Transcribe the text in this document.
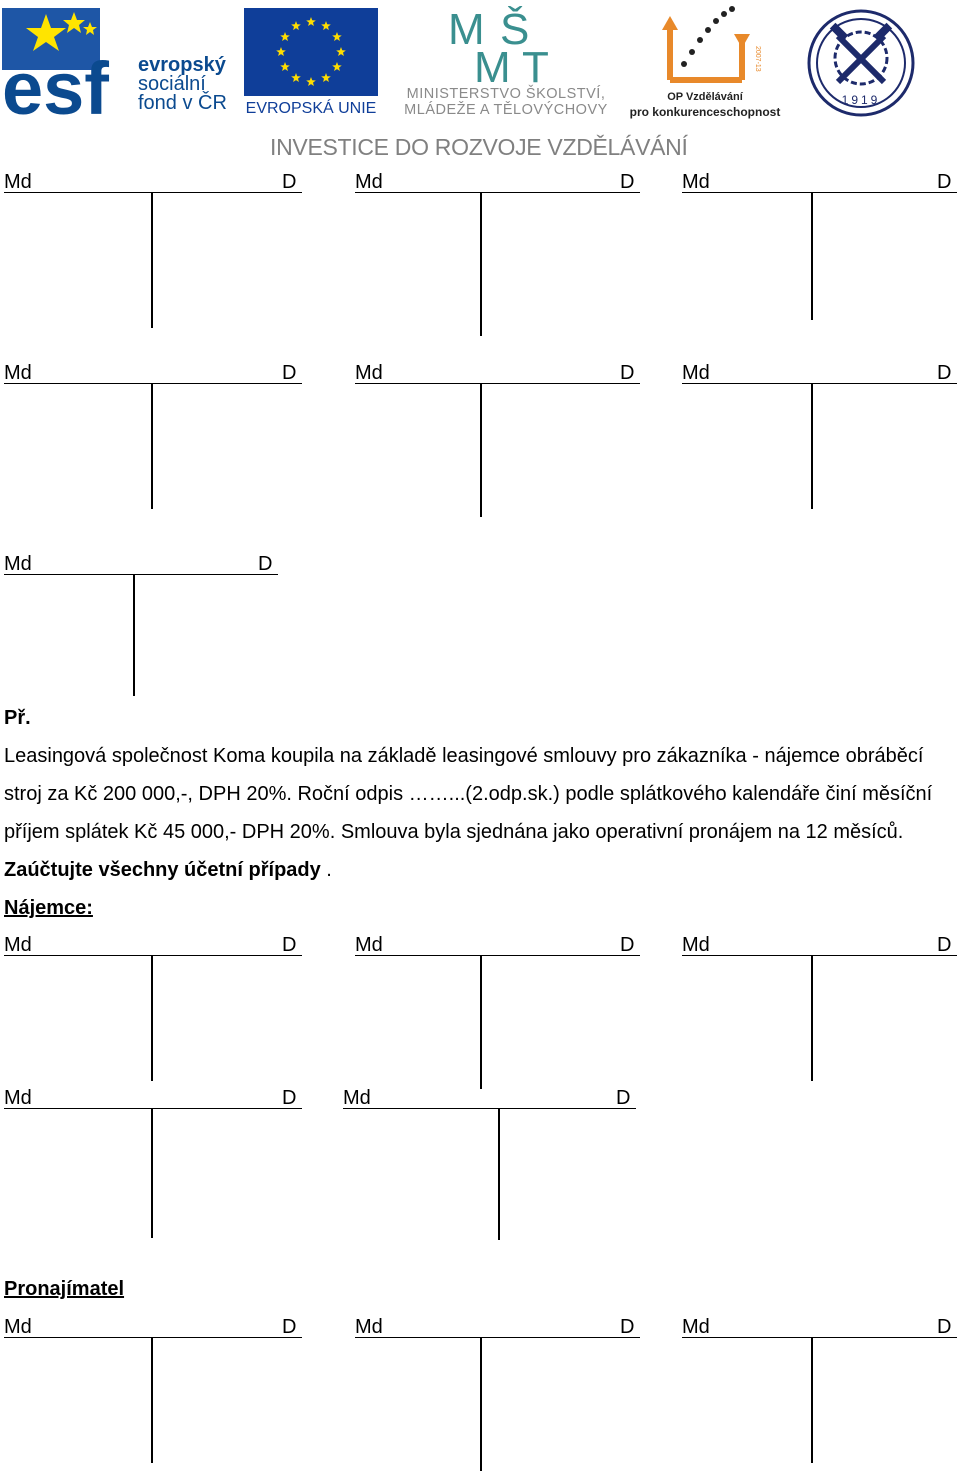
esf evropský
sociální
fond v ČR EVROPSKÁ UNIE
M Š
M T
MINISTERSTVO ŠKOLSTVÍ,
MLÁDEŽE A TĚLOVÝCHOVY
2007-13
OP Vzdělávání
pro konkurenceschopnost
1919
INVESTICE DO ROZVOJE VZDĚLÁVÁNÍ
Md	D	Md	D Md	D
Md	D	Md	D Md	D
Md	D
Md	D	Md	D Md	D
Md	D Md	D
Md	D	Md	D Md	D
Př.
Leasingová společnost Koma koupila na základě leasingové smlouvy pro zákazníka - nájemce obráběcí stroj za Kč 200 000,-, DPH 20%. Roční odpis ……...(2.odp.sk.) podle splátkového kalendáře činí měsíční příjem splátek Kč 45 000,- DPH 20%. Smlouva byla sjednána jako operativní pronájem na 12 měsíců. Zaúčtujte všechny účetní případy .
Nájemce:
Pronajímatel
